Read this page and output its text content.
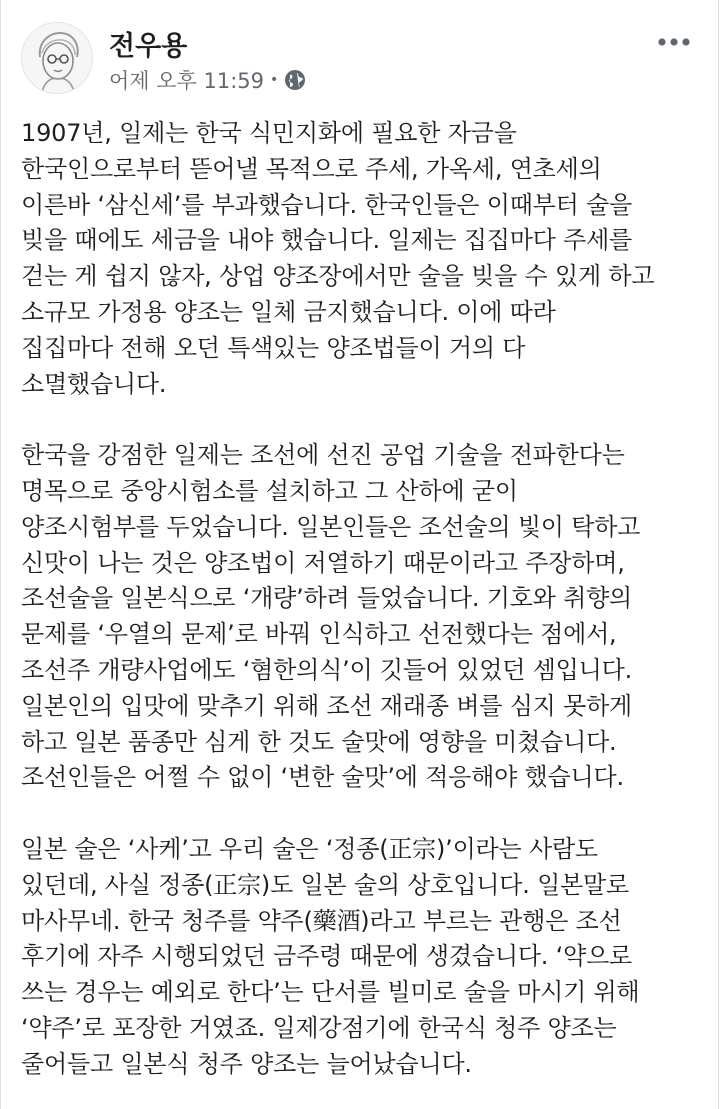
전우용
어제 오후 11:59 •
1907년, 일제는 한국 식민지화에 필요한 자금을
한국인으로부터 뜯어낼 목적으로 주세, 가옥세, 연초세의
이른바 ‘삼신세’를 부과했습니다. 한국인들은 이때부터 술을
빚을 때에도 세금을 내야 했습니다. 일제는 집집마다 주세를
걷는 게 쉽지 않자, 상업 양조장에서만 술을 빚을 수 있게 하고
소규모 가정용 양조는 일체 금지했습니다. 이에 따라
집집마다 전해 오던 특색있는 양조법들이 거의 다
소멸했습니다.
한국을 강점한 일제는 조선에 선진 공업 기술을 전파한다는
명목으로 중앙시험소를 설치하고 그 산하에 굳이
양조시험부를 두었습니다. 일본인들은 조선술의 빛이 탁하고
신맛이 나는 것은 양조법이 저열하기 때문이라고 주장하며,
조선술을 일본식으로 ‘개량’하려 들었습니다. 기호와 취향의
문제를 ‘우열의 문제’로 바꿔 인식하고 선전했다는 점에서,
조선주 개량사업에도 ‘혐한의식’이 깃들어 있었던 셈입니다.
일본인의 입맛에 맞추기 위해 조선 재래종 벼를 심지 못하게
하고 일본 품종만 심게 한 것도 술맛에 영향을 미쳤습니다.
조선인들은 어쩔 수 없이 ‘변한 술맛’에 적응해야 했습니다.
일본 술은 ‘사케’고 우리 술은 ‘정종(正宗)’이라는 사람도
있던데, 사실 정종(正宗)도 일본 술의 상호입니다. 일본말로
마사무네. 한국 청주를 약주(藥酒)라고 부르는 관행은 조선
후기에 자주 시행되었던 금주령 때문에 생겼습니다. ‘약으로
쓰는 경우는 예외로 한다’는 단서를 빌미로 술을 마시기 위해
‘약주’로 포장한 거였죠. 일제강점기에 한국식 청주 양조는
줄어들고 일본식 청주 양조는 늘어났습니다.
